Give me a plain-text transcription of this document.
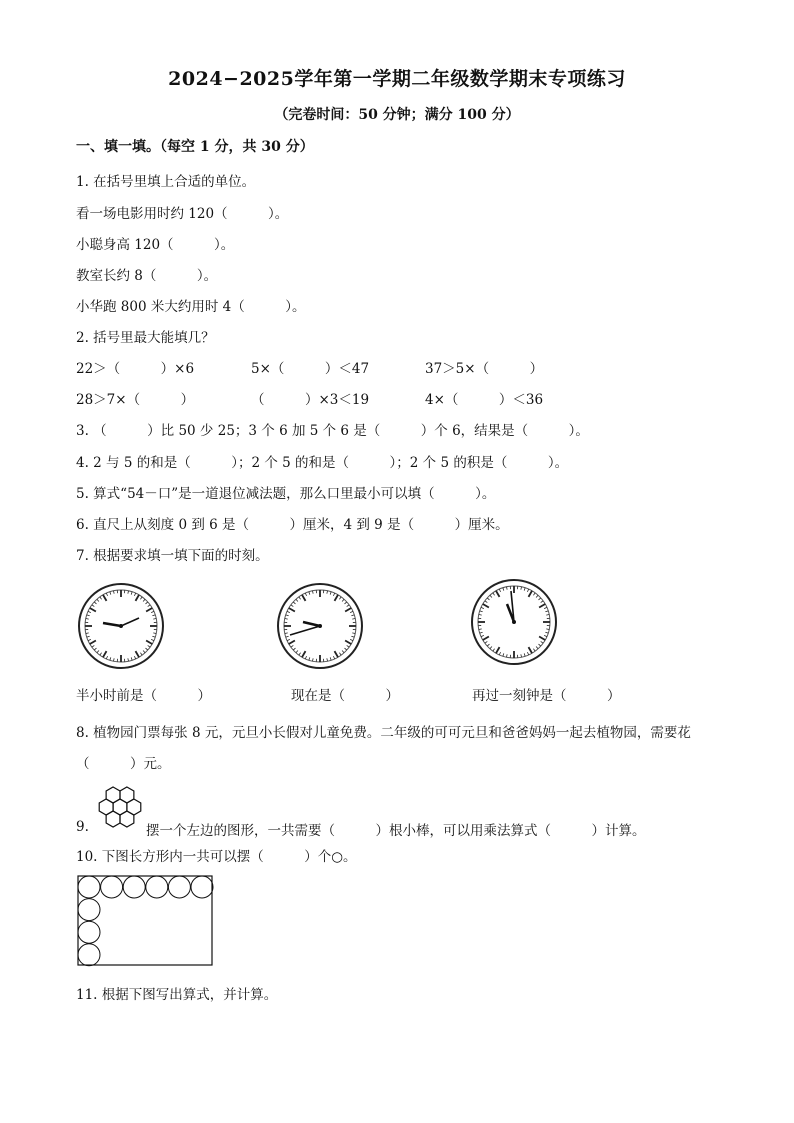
2024−2025学年第一学期二年级数学期末专项练习
（完卷时间：50 分钟；满分 100 分）
一、填一填。（每空 1 分，共 30 分）
1. 在括号里填上合适的单位。
看一场电影用时约 120（　　　）。
小聪身高 120（　　　）。
教室长约 8（　　　）。
小华跑 800 米大约用时 4（　　　）。
2. 括号里最大能填几？
22＞（　　　）×6	5×（　　　）＜47	37＞5×（　　　）
28＞7×（　　　）	（　　　）×3＜19	4×（　　　）＜36
3. （　　　）比 50 少 25；3 个 6 加 5 个 6 是（　　　）个 6，结果是（　　　）。
4. 2 与 5 的和是（　　　）；2 个 5 的和是（　　　）；2 个 5 的积是（　　　）。
5. 算式“54－口”是一道退位减法题，那么口里最小可以填（　　　）。
6. 直尺上从刻度 0 到 6 是（　　　）厘米，4 到 9 是（　　　）厘米。
7. 根据要求填一填下面的时刻。
半小时前是（　　　）	现在是（　　　）	再过一刻钟是（　　　）
8. 植物园门票每张 8 元，元旦小长假对儿童免费。二年级的可可元旦和爸爸妈妈一起去植物园，需要花
（　　　）元。
9.	摆一个左边的图形，一共需要（　　　）根小棒，可以用乘法算式（　　　）计算。
10. 下图长方形内一共可以摆（　　　）个○。
11. 根据下图写出算式，并计算。
